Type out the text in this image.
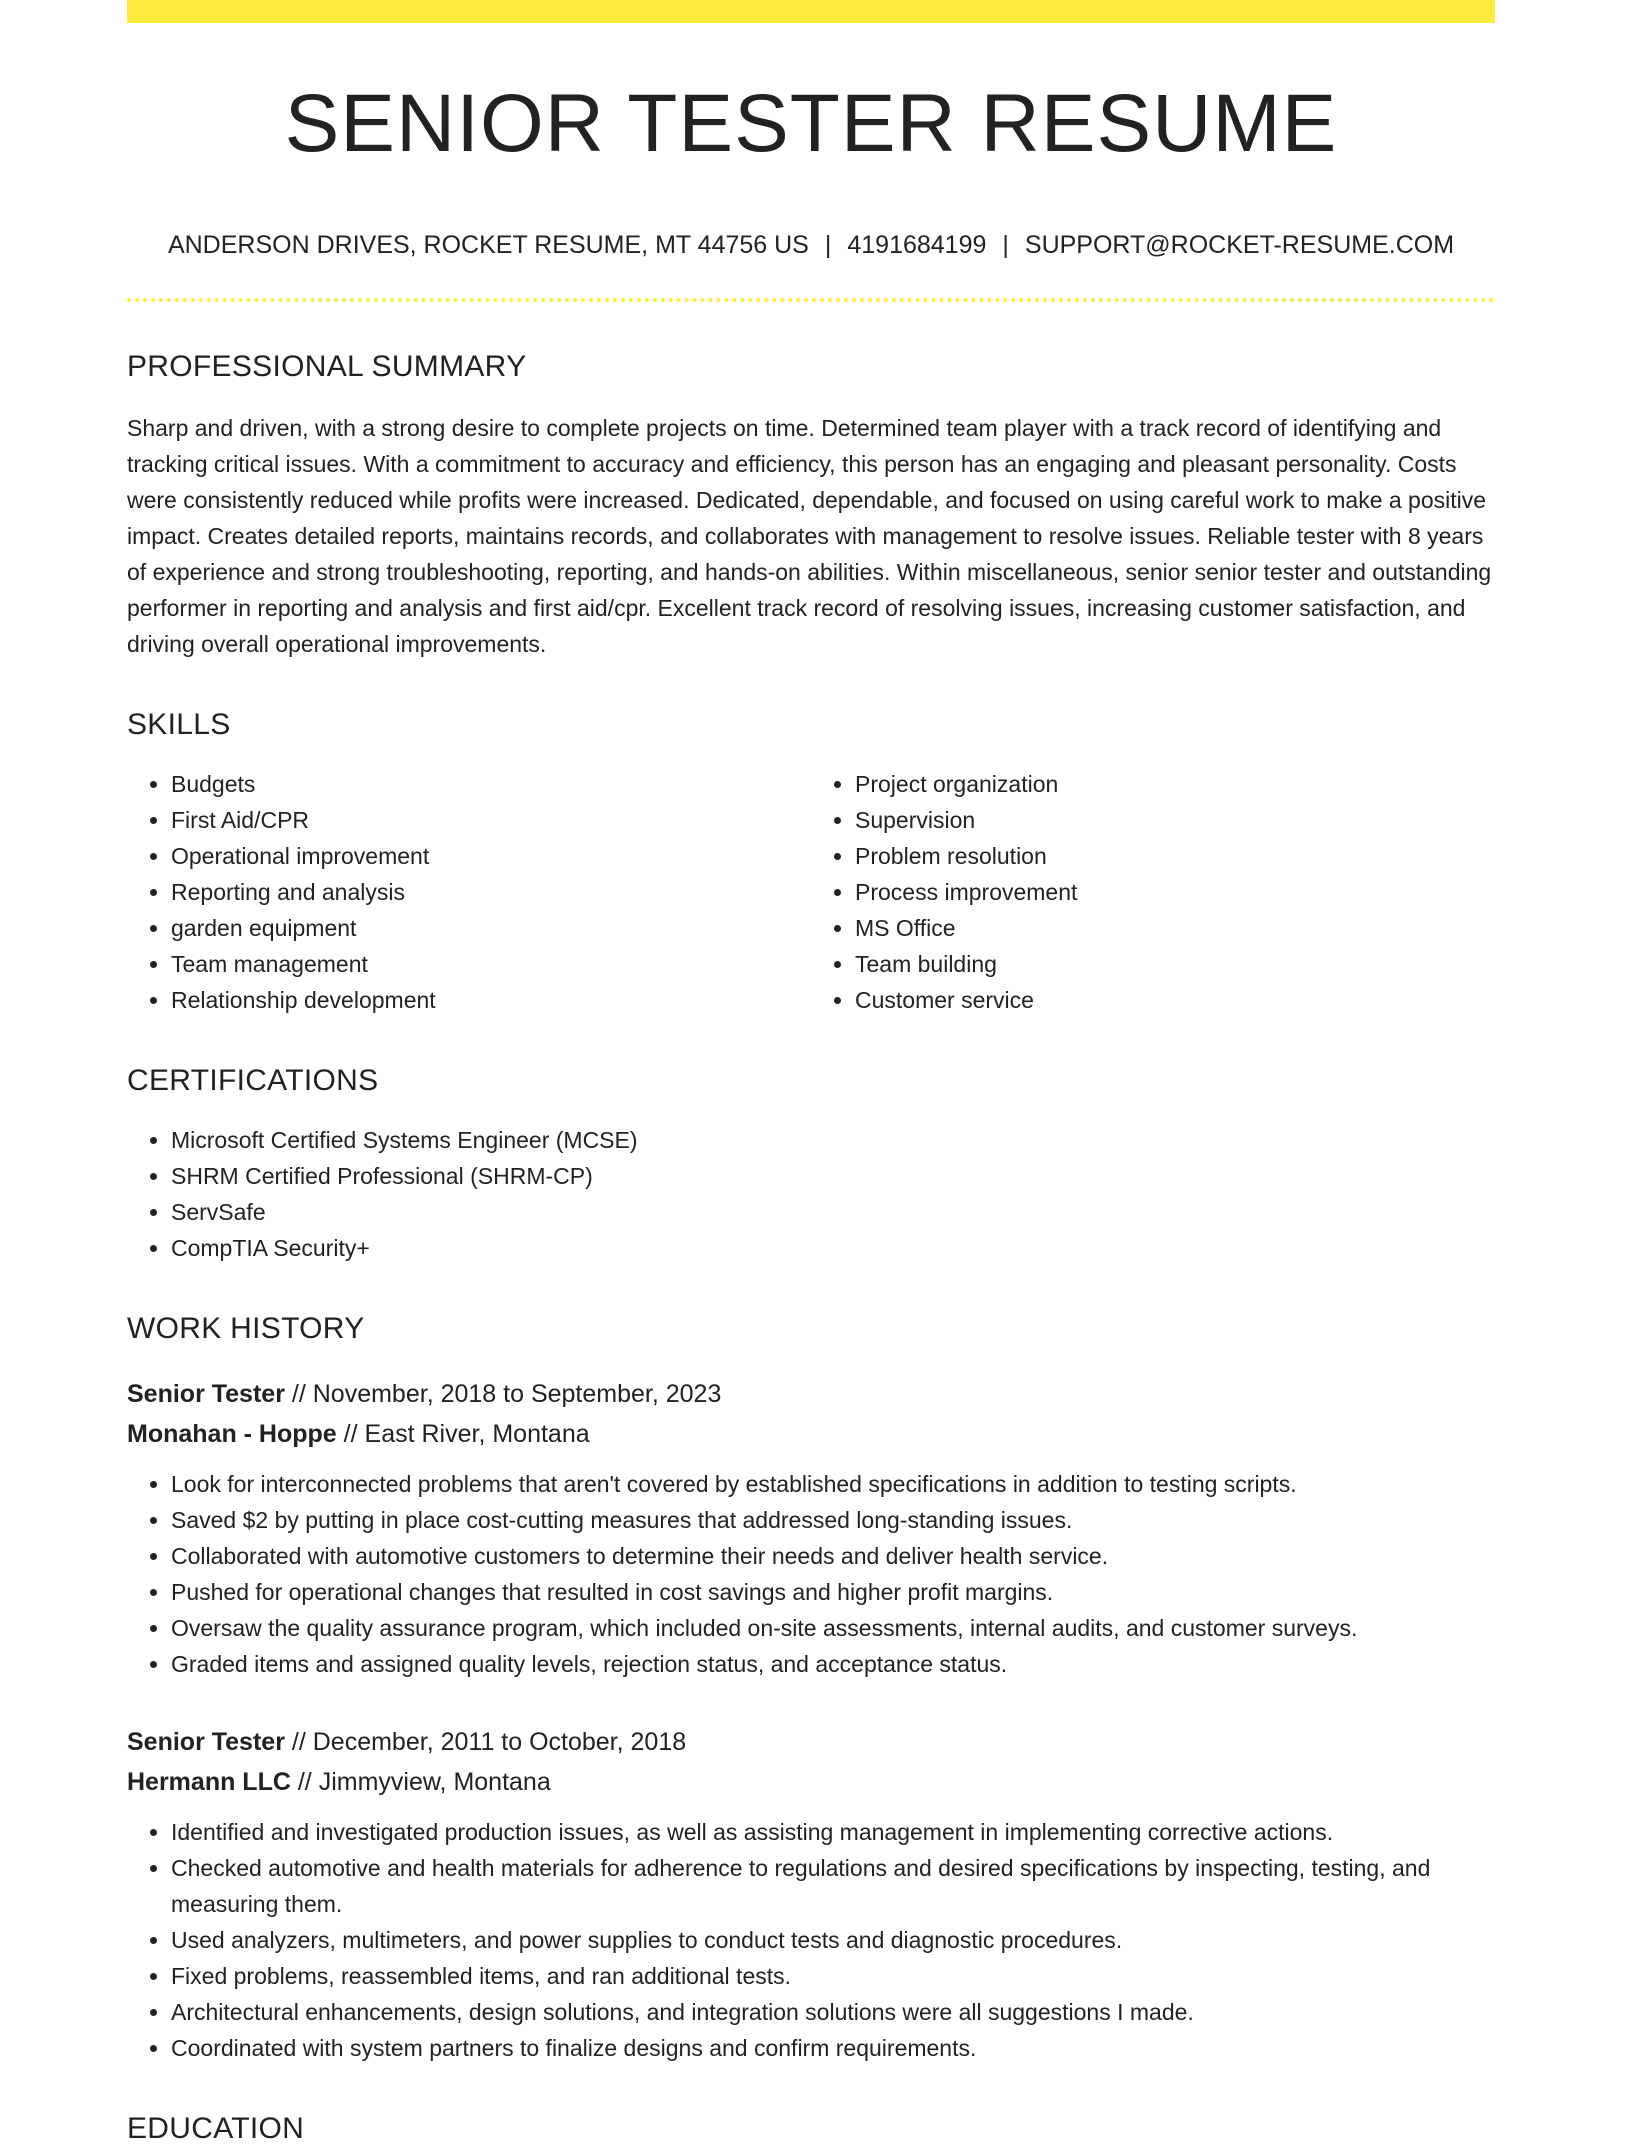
SENIOR TESTER RESUME
ANDERSON DRIVES, ROCKET RESUME, MT 44756 US | 4191684199 | SUPPORT@ROCKET-RESUME.COM
PROFESSIONAL SUMMARY

Sharp and driven, with a strong desire to complete projects on time. Determined team player with a track record of identifying and tracking critical issues. With a commitment to accuracy and efficiency, this person has an engaging and pleasant personality. Costs were consistently reduced while profits were increased. Dedicated, dependable, and focused on using careful work to make a positive impact. Creates detailed reports, maintains records, and collaborates with management to resolve issues. Reliable tester with 8 years of experience and strong troubleshooting, reporting, and hands-on abilities. Within miscellaneous, senior senior tester and outstanding performer in reporting and analysis and first aid/cpr. Excellent track record of resolving issues, increasing customer satisfaction, and driving overall operational improvements.

SKILLS
• Budgets
• First Aid/CPR
• Operational improvement
• Reporting and analysis
• garden equipment
• Team management
• Relationship development
• Project organization
• Supervision
• Problem resolution
• Process improvement
• MS Office
• Team building
• Customer service
CERTIFICATIONS
• Microsoft Certified Systems Engineer (MCSE)
• SHRM Certified Professional (SHRM-CP)
• ServSafe
• CompTIA Security+
WORK HISTORY
Senior Tester // November, 2018 to September, 2023
Monahan - Hoppe // East River, Montana
• Look for interconnected problems that aren't covered by established specifications in addition to testing scripts.
• Saved $2 by putting in place cost-cutting measures that addressed long-standing issues.
• Collaborated with automotive customers to determine their needs and deliver health service.
• Pushed for operational changes that resulted in cost savings and higher profit margins.
• Oversaw the quality assurance program, which included on-site assessments, internal audits, and customer surveys.
• Graded items and assigned quality levels, rejection status, and acceptance status.
Senior Tester // December, 2011 to October, 2018
Hermann LLC // Jimmyview, Montana
• Identified and investigated production issues, as well as assisting management in implementing corrective actions.
• Checked automotive and health materials for adherence to regulations and desired specifications by inspecting, testing, and measuring them.
• Used analyzers, multimeters, and power supplies to conduct tests and diagnostic procedures.
• Fixed problems, reassembled items, and ran additional tests.
• Architectural enhancements, design solutions, and integration solutions were all suggestions I made.
• Coordinated with system partners to finalize designs and confirm requirements.
EDUCATION
